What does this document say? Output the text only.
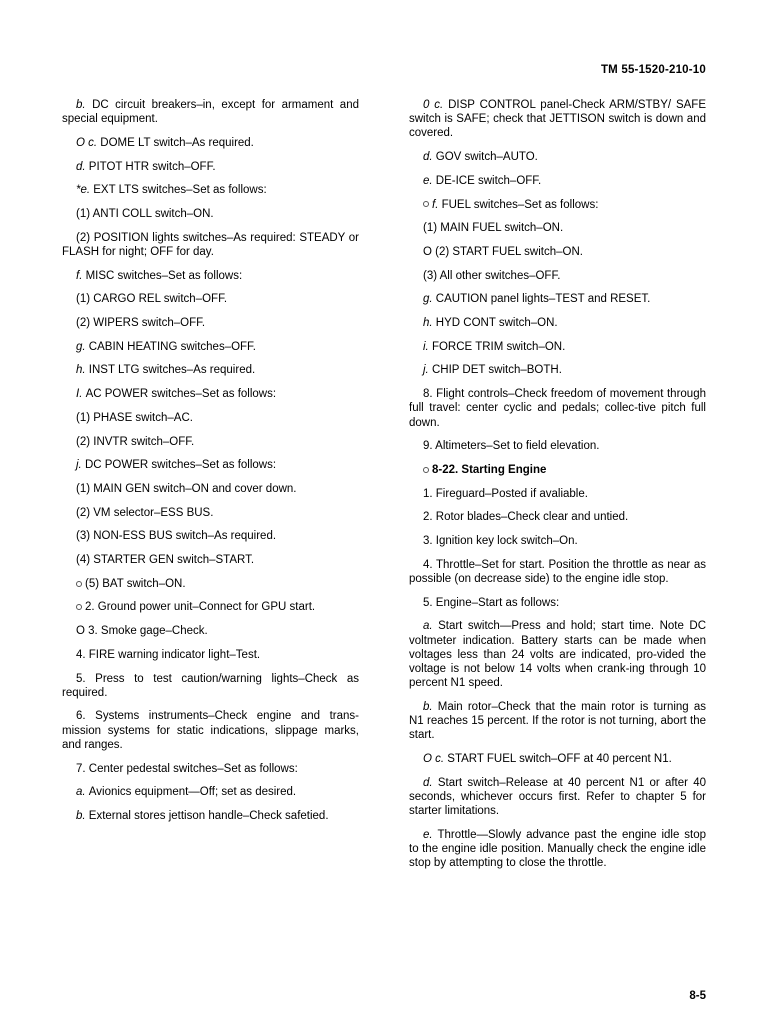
TM 55-1520-210-10

b. DC circuit breakers–in, except for armament and special equipment.

O c. DOME LT switch–As required.

d. PITOT HTR switch–OFF.

*e. EXT LTS switches–Set as follows:

(1) ANTI COLL switch–ON.

(2) POSITION lights switches–As required: STEADY or FLASH for night; OFF for day.

f. MISC switches–Set as follows:

(1) CARGO REL switch–OFF.

(2) WIPERS switch–OFF.

g. CABIN HEATING switches–OFF.

h. INST LTG switches–As required.

I. AC POWER switches–Set as follows:

(1) PHASE switch–AC.

(2) INVTR switch–OFF.

j. DC POWER switches–Set as follows:

(1) MAIN GEN switch–ON and cover down.

(2) VM selector–ESS BUS.

(3) NON-ESS BUS switch–As required.

(4) STARTER GEN switch–START.

(5) BAT switch–ON.

2. Ground power unit–Connect for GPU start.

O 3. Smoke gage–Check.

4. FIRE warning indicator light–Test.

5. Press to test caution/warning lights–Check as required.

6. Systems instruments–Check engine and trans-mission systems for static indications, slippage marks, and ranges.

7. Center pedestal switches–Set as follows:

a. Avionics equipment—Off; set as desired.

b. External stores jettison handle–Check safetied.

0 c. DISP CONTROL panel-Check ARM/STBY/ SAFE switch is SAFE; check that JETTISON switch is down and covered.

d. GOV switch–AUTO.

e. DE-ICE switch–OFF.

f. FUEL switches–Set as follows:

(1) MAIN FUEL switch–ON.

O (2) START FUEL switch–ON.

(3) All other switches–OFF.

g. CAUTION panel lights–TEST and RESET.

h. HYD CONT switch–ON.

i. FORCE TRIM switch–ON.

j. CHIP DET switch–BOTH.

8. Flight controls–Check freedom of movement through full travel: center cyclic and pedals; collec-tive pitch full down.

9. Altimeters–Set to field elevation.

8-22. Starting Engine

1. Fireguard–Posted if avaliable.

2. Rotor blades–Check clear and untied.

3. Ignition key lock switch–On.

4. Throttle–Set for start. Position the throttle as near as possible (on decrease side) to the engine idle stop.

5. Engine–Start as follows:

a. Start switch—Press and hold; start time. Note DC voltmeter indication. Battery starts can be made when voltages less than 24 volts are indicated, pro-vided the voltage is not below 14 volts when crank-ing through 10 percent N1 speed.

b. Main rotor–Check that the main rotor is turning as N1 reaches 15 percent. If the rotor is not turning, abort the start.

O c. START FUEL switch–OFF at 40 percent N1.

d. Start switch–Release at 40 percent N1 or after 40 seconds, whichever occurs first. Refer to chapter 5 for starter limitations.

e. Throttle—Slowly advance past the engine idle stop to the engine idle position. Manually check the engine idle stop by attempting to close the throttle.

8-5
